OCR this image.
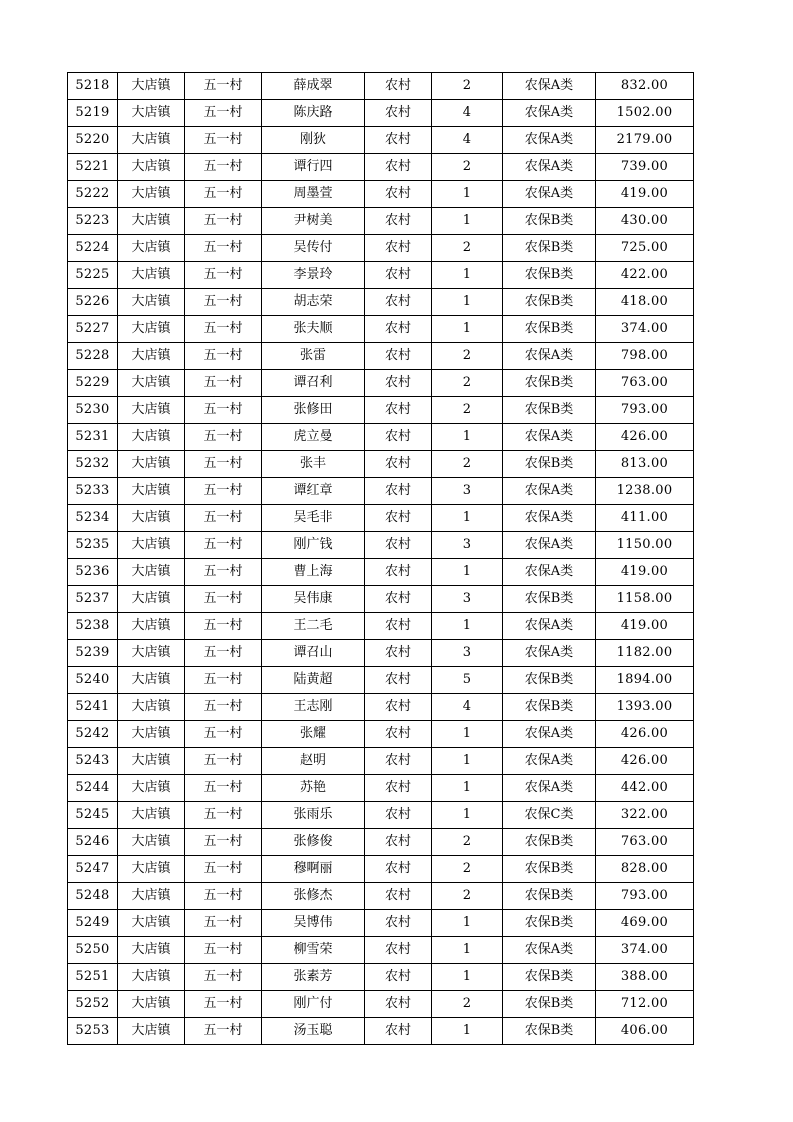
5218	大店镇	五一村	薛成翠	农村	2	农保A类	832.00
5219	大店镇	五一村	陈庆路	农村	4	农保A类	1502.00
5220	大店镇	五一村	刚狄	农村	4	农保A类	2179.00
5221	大店镇	五一村	谭行四	农村	2	农保A类	739.00
5222	大店镇	五一村	周墨萱	农村	1	农保A类	419.00
5223	大店镇	五一村	尹树美	农村	1	农保B类	430.00
5224	大店镇	五一村	吴传付	农村	2	农保B类	725.00
5225	大店镇	五一村	李景玲	农村	1	农保B类	422.00
5226	大店镇	五一村	胡志荣	农村	1	农保B类	418.00
5227	大店镇	五一村	张夫顺	农村	1	农保B类	374.00
5228	大店镇	五一村	张雷	农村	2	农保A类	798.00
5229	大店镇	五一村	谭召利	农村	2	农保B类	763.00
5230	大店镇	五一村	张修田	农村	2	农保B类	793.00
5231	大店镇	五一村	虎立曼	农村	1	农保A类	426.00
5232	大店镇	五一村	张丰	农村	2	农保B类	813.00
5233	大店镇	五一村	谭红章	农村	3	农保A类	1238.00
5234	大店镇	五一村	吴毛非	农村	1	农保A类	411.00
5235	大店镇	五一村	刚广钱	农村	3	农保A类	1150.00
5236	大店镇	五一村	曹上海	农村	1	农保A类	419.00
5237	大店镇	五一村	吴伟康	农村	3	农保B类	1158.00
5238	大店镇	五一村	王二毛	农村	1	农保A类	419.00
5239	大店镇	五一村	谭召山	农村	3	农保A类	1182.00
5240	大店镇	五一村	陆黄超	农村	5	农保B类	1894.00
5241	大店镇	五一村	王志刚	农村	4	农保B类	1393.00
5242	大店镇	五一村	张耀	农村	1	农保A类	426.00
5243	大店镇	五一村	赵明	农村	1	农保A类	426.00
5244	大店镇	五一村	苏艳	农村	1	农保A类	442.00
5245	大店镇	五一村	张雨乐	农村	1	农保C类	322.00
5246	大店镇	五一村	张修俊	农村	2	农保B类	763.00
5247	大店镇	五一村	穆啊丽	农村	2	农保B类	828.00
5248	大店镇	五一村	张修杰	农村	2	农保B类	793.00
5249	大店镇	五一村	吴博伟	农村	1	农保B类	469.00
5250	大店镇	五一村	柳雪荣	农村	1	农保A类	374.00
5251	大店镇	五一村	张素芳	农村	1	农保B类	388.00
5252	大店镇	五一村	刚广付	农村	2	农保B类	712.00
5253	大店镇	五一村	汤玉聪	农村	1	农保B类	406.00
